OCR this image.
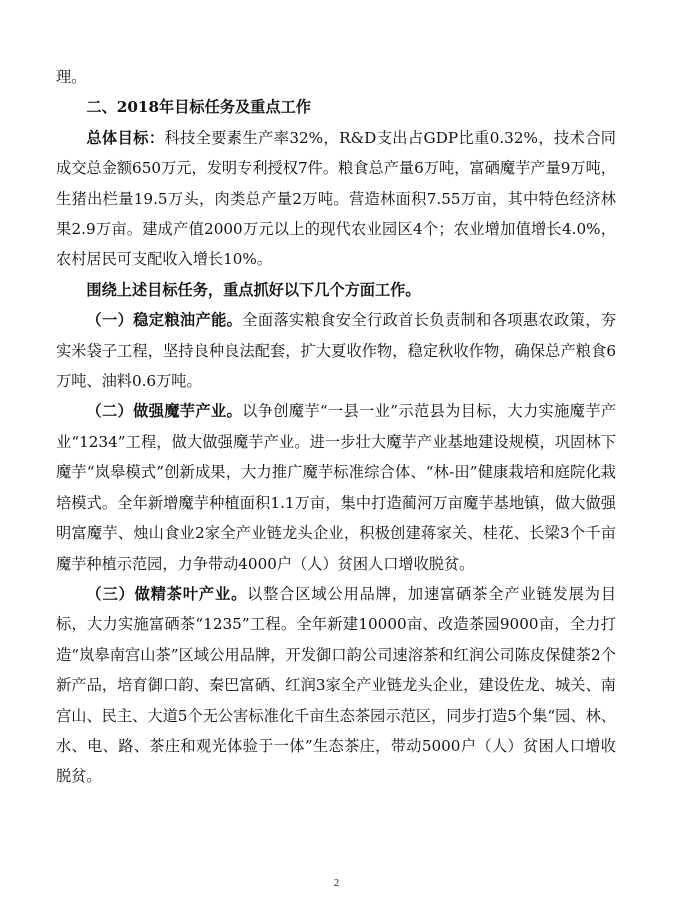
理。

二、2018年目标任务及重点工作

总体目标：科技全要素生产率32%，R&D支出占GDP比重0.32%，技术合同成交总金额650万元，发明专利授权7件。粮食总产量6万吨，富硒魔芋产量9万吨，生猪出栏量19.5万头，肉类总产量2万吨。营造林面积7.55万亩，其中特色经济林果2.9万亩。建成产值2000万元以上的现代农业园区4个；农业增加值增长4.0%，农村居民可支配收入增长10%。

围绕上述目标任务，重点抓好以下几个方面工作。

（一）稳定粮油产能。全面落实粮食安全行政首长负责制和各项惠农政策，夯实米袋子工程，坚持良种良法配套，扩大夏收作物，稳定秋收作物，确保总产粮食6万吨、油料0.6万吨。

（二）做强魔芋产业。以争创魔芋“一县一业”示范县为目标，大力实施魔芋产业“1234”工程，做大做强魔芋产业。进一步壮大魔芋产业基地建设规模，巩固林下魔芋“岚皋模式”创新成果，大力推广魔芋标准综合体、“林-田”健康栽培和庭院化栽培模式。全年新增魔芋种植面积1.1万亩，集中打造蔺河万亩魔芋基地镇，做大做强明富魔芋、烛山食业2家全产业链龙头企业，积极创建蒋家关、桂花、长梁3个千亩魔芋种植示范园，力争带动4000户（人）贫困人口增收脱贫。

（三）做精茶叶产业。以整合区域公用品牌，加速富硒茶全产业链发展为目标，大力实施富硒茶“1235”工程。全年新建10000亩、改造茶园9000亩，全力打造“岚皋南宫山茶”区域公用品牌，开发御口韵公司速溶茶和红润公司陈皮保健茶2个新产品，培育御口韵、秦巴富硒、红润3家全产业链龙头企业，建设佐龙、城关、南宫山、民主、大道5个无公害标准化千亩生态茶园示范区，同步打造5个集“园、林、水、电、路、茶庄和观光体验于一体”生态茶庄，带动5000户（人）贫困人口增收脱贫。

2
